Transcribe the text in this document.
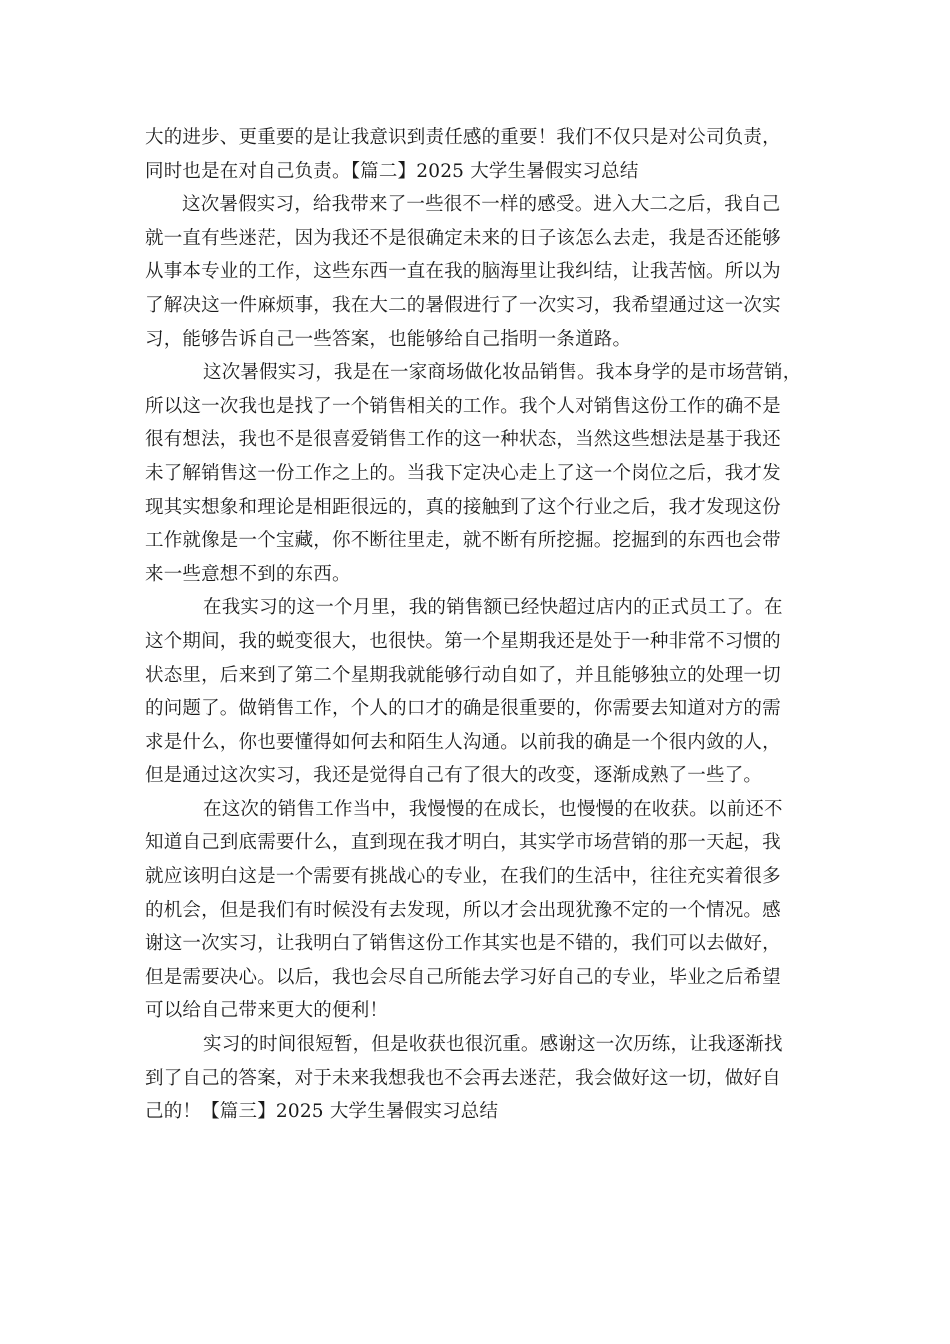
大的进步、更重要的是让我意识到责任感的重要！我们不仅只是对公司负责，
同时也是在对自己负责。【篇二】2025 大学生暑假实习总结
这次暑假实习，给我带来了一些很不一样的感受。进入大二之后，我自己
就一直有些迷茫，因为我还不是很确定未来的日子该怎么去走，我是否还能够
从事本专业的工作，这些东西一直在我的脑海里让我纠结，让我苦恼。所以为
了解决这一件麻烦事，我在大二的暑假进行了一次实习，我希望通过这一次实
习，能够告诉自己一些答案，也能够给自己指明一条道路。
这次暑假实习，我是在一家商场做化妆品销售。我本身学的是市场营销，
所以这一次我也是找了一个销售相关的工作。我个人对销售这份工作的确不是
很有想法，我也不是很喜爱销售工作的这一种状态，当然这些想法是基于我还
未了解销售这一份工作之上的。当我下定决心走上了这一个岗位之后，我才发
现其实想象和理论是相距很远的，真的接触到了这个行业之后，我才发现这份
工作就像是一个宝藏，你不断往里走，就不断有所挖掘。挖掘到的东西也会带
来一些意想不到的东西。
在我实习的这一个月里，我的销售额已经快超过店内的正式员工了。在
这个期间，我的蜕变很大，也很快。第一个星期我还是处于一种非常不习惯的
状态里，后来到了第二个星期我就能够行动自如了，并且能够独立的处理一切
的问题了。做销售工作，个人的口才的确是很重要的，你需要去知道对方的需
求是什么，你也要懂得如何去和陌生人沟通。以前我的确是一个很内敛的人，
但是通过这次实习，我还是觉得自己有了很大的改变，逐渐成熟了一些了。
在这次的销售工作当中，我慢慢的在成长，也慢慢的在收获。以前还不
知道自己到底需要什么，直到现在我才明白，其实学市场营销的那一天起，我
就应该明白这是一个需要有挑战心的专业，在我们的生活中，往往充实着很多
的机会，但是我们有时候没有去发现，所以才会出现犹豫不定的一个情况。感
谢这一次实习，让我明白了销售这份工作其实也是不错的，我们可以去做好，
但是需要决心。以后，我也会尽自己所能去学习好自己的专业，毕业之后希望
可以给自己带来更大的便利！
实习的时间很短暂，但是收获也很沉重。感谢这一次历练，让我逐渐找
到了自己的答案，对于未来我想我也不会再去迷茫，我会做好这一切，做好自
己的！【篇三】2025 大学生暑假实习总结
